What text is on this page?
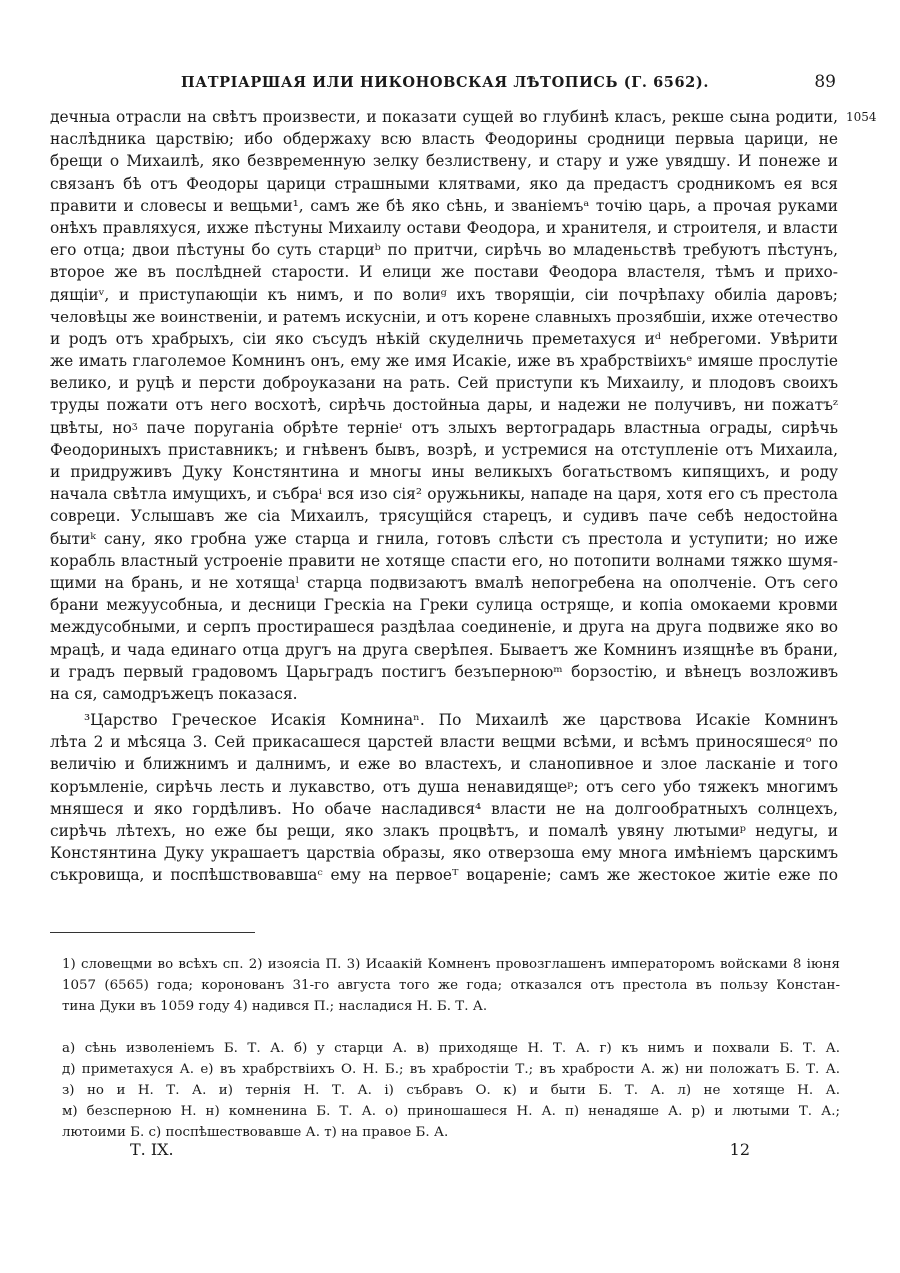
ПАТРІАРШАЯ ИЛИ НИКОНОВСКАЯ ЛѢТОПИСЬ (Г. 6562).	89
1054
дечныа отрасли на свѣтъ произвести, и показати сущей во глубинѣ класъ, рекше сына родити,
наслѣдника царствію; ибо обдержаху всю власть Феодорины сродници первыа царици, не
брещи о Михаилѣ, яко безвременную зелку безлиствену, и стару и уже увядшу. И понеже и
связанъ бѣ отъ Феодоры царици страшными клятвами, яко да предастъ сродникомъ ея вся
правити и словесы и вещьми¹, самъ же бѣ яко сѣнь, и званіемъᵃ точію царь, а прочая руками
онѣхъ правляхуся, ихже пѣстуны Михаилу остави Феодора, и хранителя, и строителя, и власти
его отца; двои пѣстуны бо суть старциᵇ по притчи, сирѣчь во младеньствѣ требуютъ пѣстунъ,
второе же въ послѣдней старости. И елици же постави Феодора властеля, тѣмъ и прихо-
дящіиᵛ, и приступающіи къ нимъ, и по волиᵍ ихъ творящіи, сіи почрѣпаху обиліа даровъ;
человѣцы же воинственіи, и ратемъ искусніи, и отъ корене славныхъ прозябшіи, ихже отечество
и родъ отъ храбрыхъ, сіи яко съсудъ нѣкій скуделничь преметахуся иᵈ небрегоми. Увѣрити
же имать глаголемое Комнинъ онъ, ему же имя Исакіе, иже въ храбрствіихъᵉ имяше прослутіе
велико, и руцѣ и персти доброуказани на рать. Сей приступи къ Михаилу, и плодовъ своихъ
труды пожати отъ него восхотѣ, сирѣчь достойныа дары, и надежи не получивъ, ни пожатъᶻ
цвѣты, ноᶾ паче поруганіа обрѣте терніеᶦ отъ злыхъ вертоградарь властныа ограды, сирѣчь
Феодориныхъ приставникъ; и гнѣвенъ бывъ, возрѣ, и устремися на отступленіе отъ Михаила,
и придруживъ Дуку Констянтина и многы ины великыхъ богатьствомъ кипящихъ, и роду
начала свѣтла имущихъ, и събраⁱ вся изо сія² оружьникы, нападе на царя, хотя его съ престола
совреци. Услышавъ же сіа Михаилъ, трясущійся старецъ, и судивъ паче себѣ недостойна
бытиᵏ сану, яко гробна уже старца и гнила, готовъ слѣсти съ престола и уступити; но иже
корабль властный устроеніе правити не хотяще спасти его, но потопити волнами тяжко шумя-
щими на брань, и не хотящаˡ старца подвизаютъ вмалѣ непогребена на ополченіе. Отъ сего
брани межуусобныа, и десници Грескіа на Греки сулица острящe, и копіа омокаеми кровми
междусобными, и серпъ простирашеся раздѣлаа соединеніе, и друга на друга подвиже яко во
мрацѣ, и чада единаго отца другъ на друга сверѣпея. Бываетъ же Комнинъ изящнѣе въ брани,
и градъ первый градовомъ Царьградъ постигъ безъперноюᵐ борзостію, и вѣнецъ возложивъ
на ся, самодръжецъ показася.
³Царство Греческое Исакія Комнинаⁿ. По Михаилѣ же царствова Исакіе Комнинъ
лѣта 2 и мѣсяца 3. Сей прикасашеся царстей власти вещми всѣми, и всѣмъ приносяшесяᵒ по
величію и ближнимъ и далнимъ, и еже во властехъ, и сланопивное и злое ласканіе и того
коръмленіе, сирѣчь лесть и лукавство, отъ душа ненавидящеᵖ; отъ сего убо тяжекъ многимъ
мняшеся и яко гордѣливъ. Но обаче насладився⁴ власти не на долгообратныхъ солнцехъ,
сирѣчь лѣтехъ, но еже бы рещи, яко злакъ процвѣтъ, и помалѣ увяну лютымиᵖ недугы, и
Констянтина Дуку украшаетъ царствіа образы, яко отверзоша ему многа имѣніемъ царскимъ
съкровища, и поспѣшствовавшаᶜ ему на первоеᵀ воцареніе; самъ же жестокое житіе еже по
1) словещми во всѣхъ сп. 2) изоясіа П. 3) Исаакій Комненъ провозглашенъ императоромъ войсками 8 іюня
1057 (6565) года; коронованъ 31-го августа того же года; отказался отъ престола въ пользу Констан-
тина Дуки въ 1059 году 4) надився П.; насладися Н. Б. Т. А.
а) сѣнь изволеніемъ Б. Т. А. б) у старци А. в) приходяще Н. Т. А. г) къ нимъ и похвали Б. Т. А.
д) приметахуся А. е) въ храбрствіихъ О. Н. Б.; въ храбростіи Т.; въ храбрости А. ж) ни положатъ Б. Т. А.
з) но и Н. Т. А. и) тернія Н. Т. А. і) събравъ О. к) и быти Б. Т. А. л) не хотяще Н. А.
м) безсперною Н. н) комненина Б. Т. А. о) приношашеся Н. А. п) ненадяше А. р) и лютыми Т. А.;
лютоими Б. с) поспѣшествовавше А. т) на правое Б. А.
Т. IX.	12
